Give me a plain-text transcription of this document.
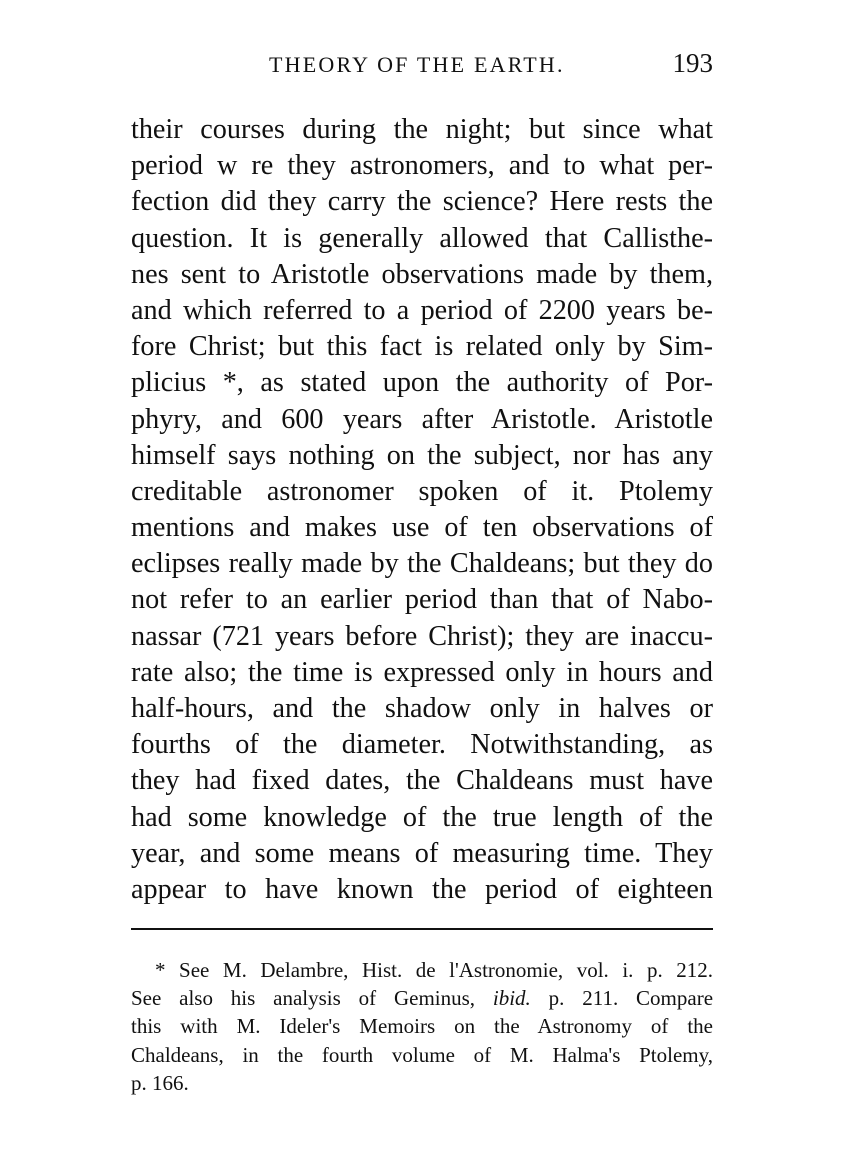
THEORY OF THE EARTH.	193
their courses during the night; but since what
period w re they astronomers, and to what per-
fection did they carry the science? Here rests the
question. It is generally allowed that Callisthe-
nes sent to Aristotle observations made by them,
and which referred to a period of 2200 years be-
fore Christ; but this fact is related only by Sim-
plicius *, as stated upon the authority of Por-
phyry, and 600 years after Aristotle. Aristotle
himself says nothing on the subject, nor has any
creditable astronomer spoken of it. Ptolemy
mentions and makes use of ten observations of
eclipses really made by the Chaldeans; but they do
not refer to an earlier period than that of Nabo-
nassar (721 years before Christ); they are inaccu-
rate also; the time is expressed only in hours and
half-hours, and the shadow only in halves or
fourths of the diameter. Notwithstanding, as
they had fixed dates, the Chaldeans must have
had some knowledge of the true length of the
year, and some means of measuring time. They
appear to have known the period of eighteen
* See M. Delambre, Hist. de l'Astronomie, vol. i. p. 212.
See also his analysis of Geminus, ibid. p. 211. Compare
this with M. Ideler's Memoirs on the Astronomy of the
Chaldeans, in the fourth volume of M. Halma's Ptolemy,
p. 166.
